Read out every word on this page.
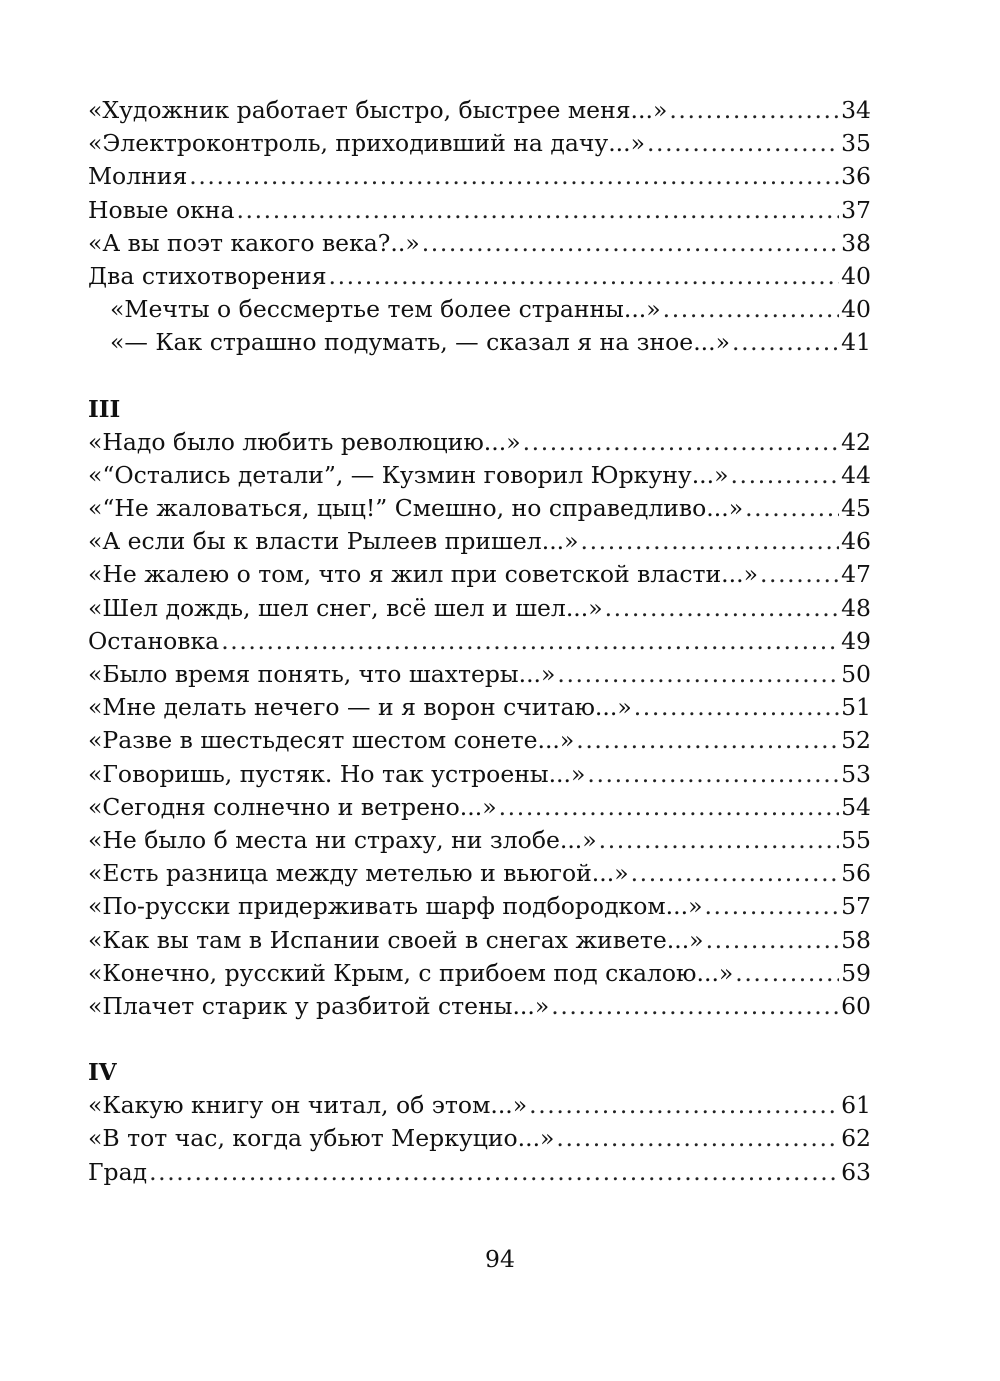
«Художник работает быстро, быстрее меня...» .....	34
«Электроконтроль, приходивший на дачу...» .....	35
Молния .....	36
Новые окна .....	37
«А вы поэт какого века?..» .....	38
Два стихотворения .....	40
«Мечты о бессмертье тем более странны...» .....	40
«— Как страшно подумать, — сказал я на зное...» .....	41
III
«Надо было любить революцию...» .....	42
«“Остались детали”, — Кузмин говорил Юркуну...» .....	44
«“Не жаловаться, цыц!” Смешно, но справедливо...» .....	45
«А если бы к власти Рылеев пришел...» .....	46
«Не жалею о том, что я жил при советской власти...» .....	47
«Шел дождь, шел снег, всё шел и шел...» .....	48
Остановка .....	49
«Было время понять, что шахтеры...» .....	50
«Мне делать нечего — и я ворон считаю...» .....	51
«Разве в шестьдесят шестом сонете...» .....	52
«Говоришь, пустяк. Но так устроены...» .....	53
«Сегодня солнечно и ветрено...» .....	54
«Не было б места ни страху, ни злобе...» .....	55
«Есть разница между метелью и вьюгой...» .....	56
«По-русски придерживать шарф подбородком...» .....	57
«Как вы там в Испании своей в снегах живете...» .....	58
«Конечно, русский Крым, с прибоем под скалою...» .....	59
«Плачет старик у разбитой стены...» .....	60
IV
«Какую книгу он читал, об этом...» .....	61
«В тот час, когда убьют Меркуцио...» .....	62
Град .....	63
94
